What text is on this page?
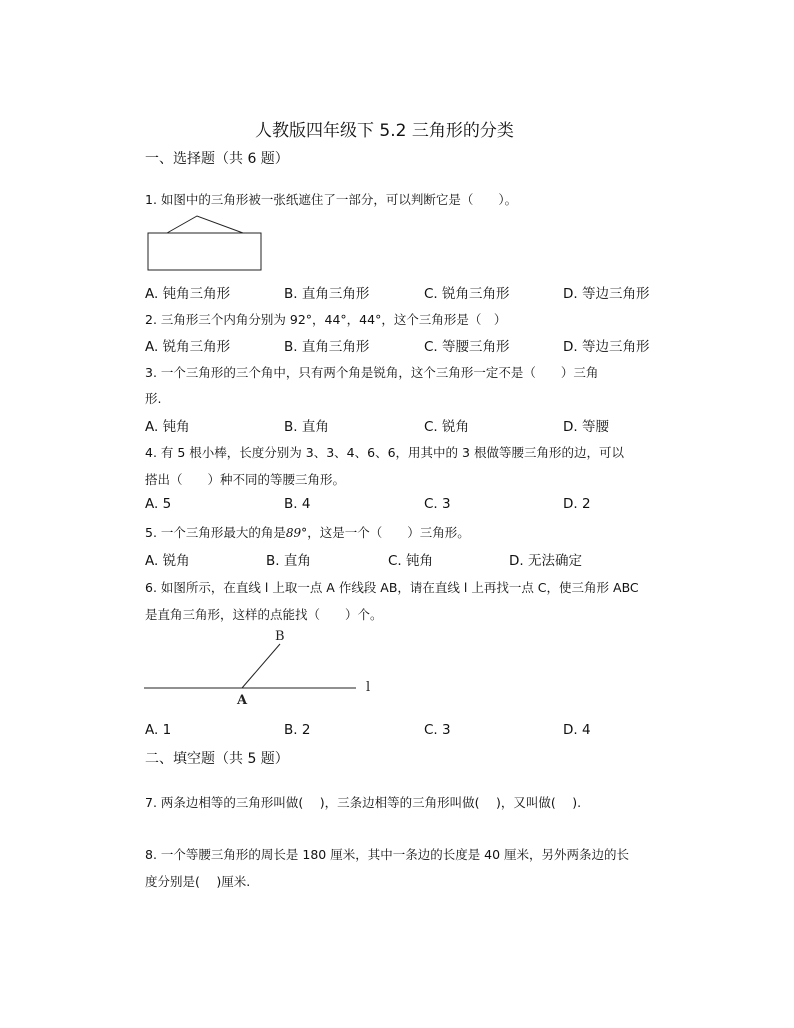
人教版四年级下 5.2 三角形的分类
一、选择题（共 6 题）
1. 如图中的三角形被一张纸遮住了一部分，可以判断它是（　　）。
A. 钝角三角形	B. 直角三角形	C. 锐角三角形	D. 等边三角形
2. 三角形三个内角分别为 92°，44°，44°，这个三角形是（　）
A. 锐角三角形	B. 直角三角形	C. 等腰三角形	D. 等边三角形
3. 一个三角形的三个角中，只有两个角是锐角，这个三角形一定不是（　　）三角
形.
A. 钝角	B. 直角	C. 锐角	D. 等腰
4. 有 5 根小棒，长度分别为 3、3、4、6、6，用其中的 3 根做等腰三角形的边，可以
搭出（　　）种不同的等腰三角形。
A. 5	B. 4	C. 3	D. 2
5. 一个三角形最大的角是89°，这是一个（　　）三角形。
A. 锐角	B. 直角	C. 钝角	D. 无法确定
6. 如图所示，在直线 l 上取一点 A 作线段 AB，请在直线 l 上再找一点 C，使三角形 ABC
是直角三角形，这样的点能找（　　）个。
B
A
l
A. 1	B. 2	C. 3	D. 4
二、填空题（共 5 题）
7. 两条边相等的三角形叫做(　 )，三条边相等的三角形叫做(　 )，又叫做(　 ).
8. 一个等腰三角形的周长是 180 厘米，其中一条边的长度是 40 厘米，另外两条边的长
度分别是(　 )厘米.
